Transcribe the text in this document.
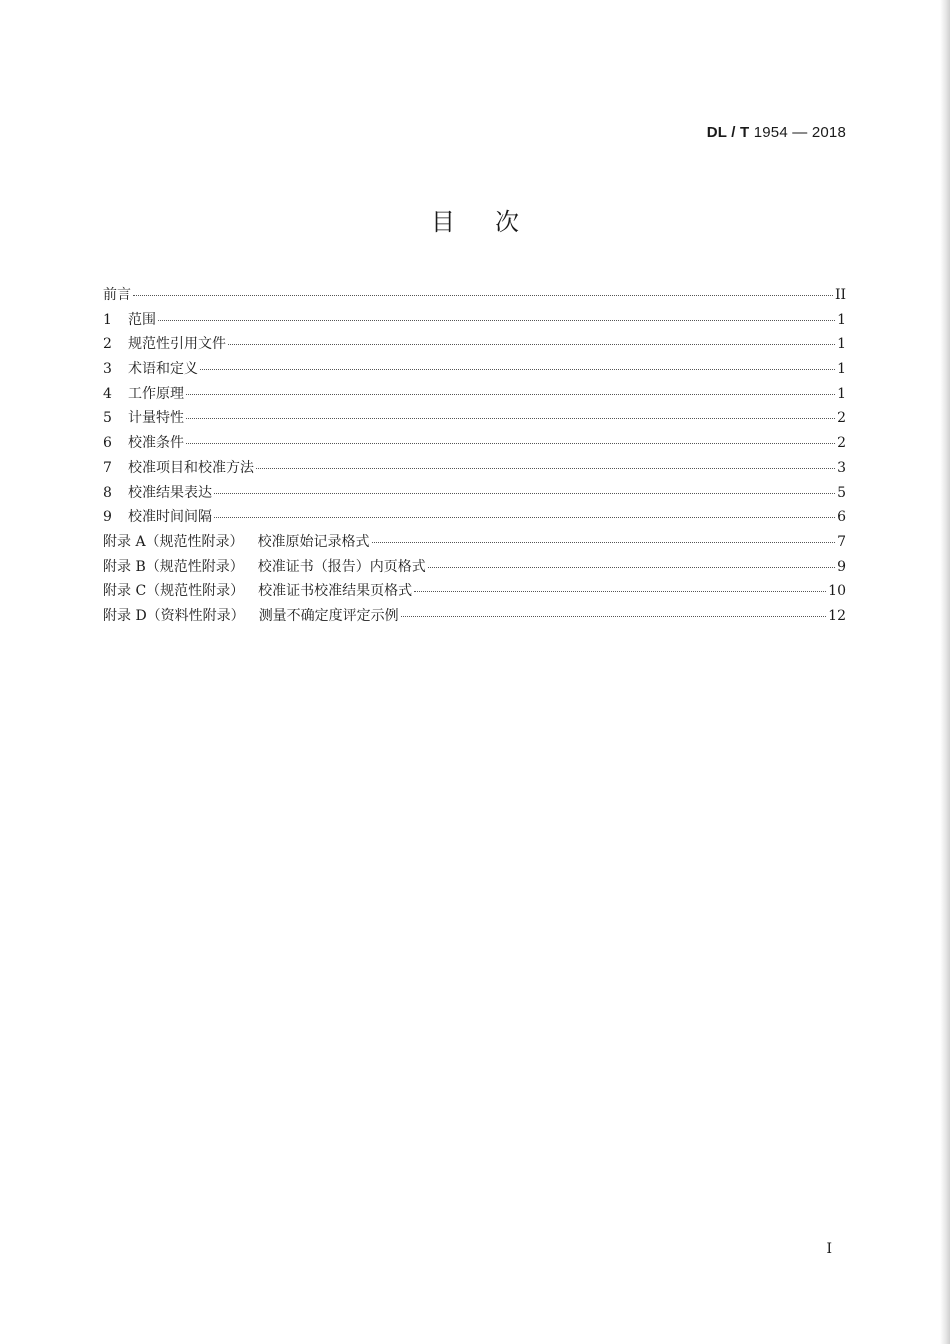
DL / T 1954 — 2018
目次
前言	II
1	范围	1
2	规范性引用文件	1
3	术语和定义	1
4	工作原理	1
5	计量特性	2
6	校准条件	2
7	校准项目和校准方法	3
8	校准结果表达	5
9	校准时间间隔	6
附录 A（规范性附录） 校准原始记录格式	7
附录 B（规范性附录） 校准证书（报告）内页格式	9
附录 C（规范性附录） 校准证书校准结果页格式	10
附录 D（资料性附录） 测量不确定度评定示例	12
I
